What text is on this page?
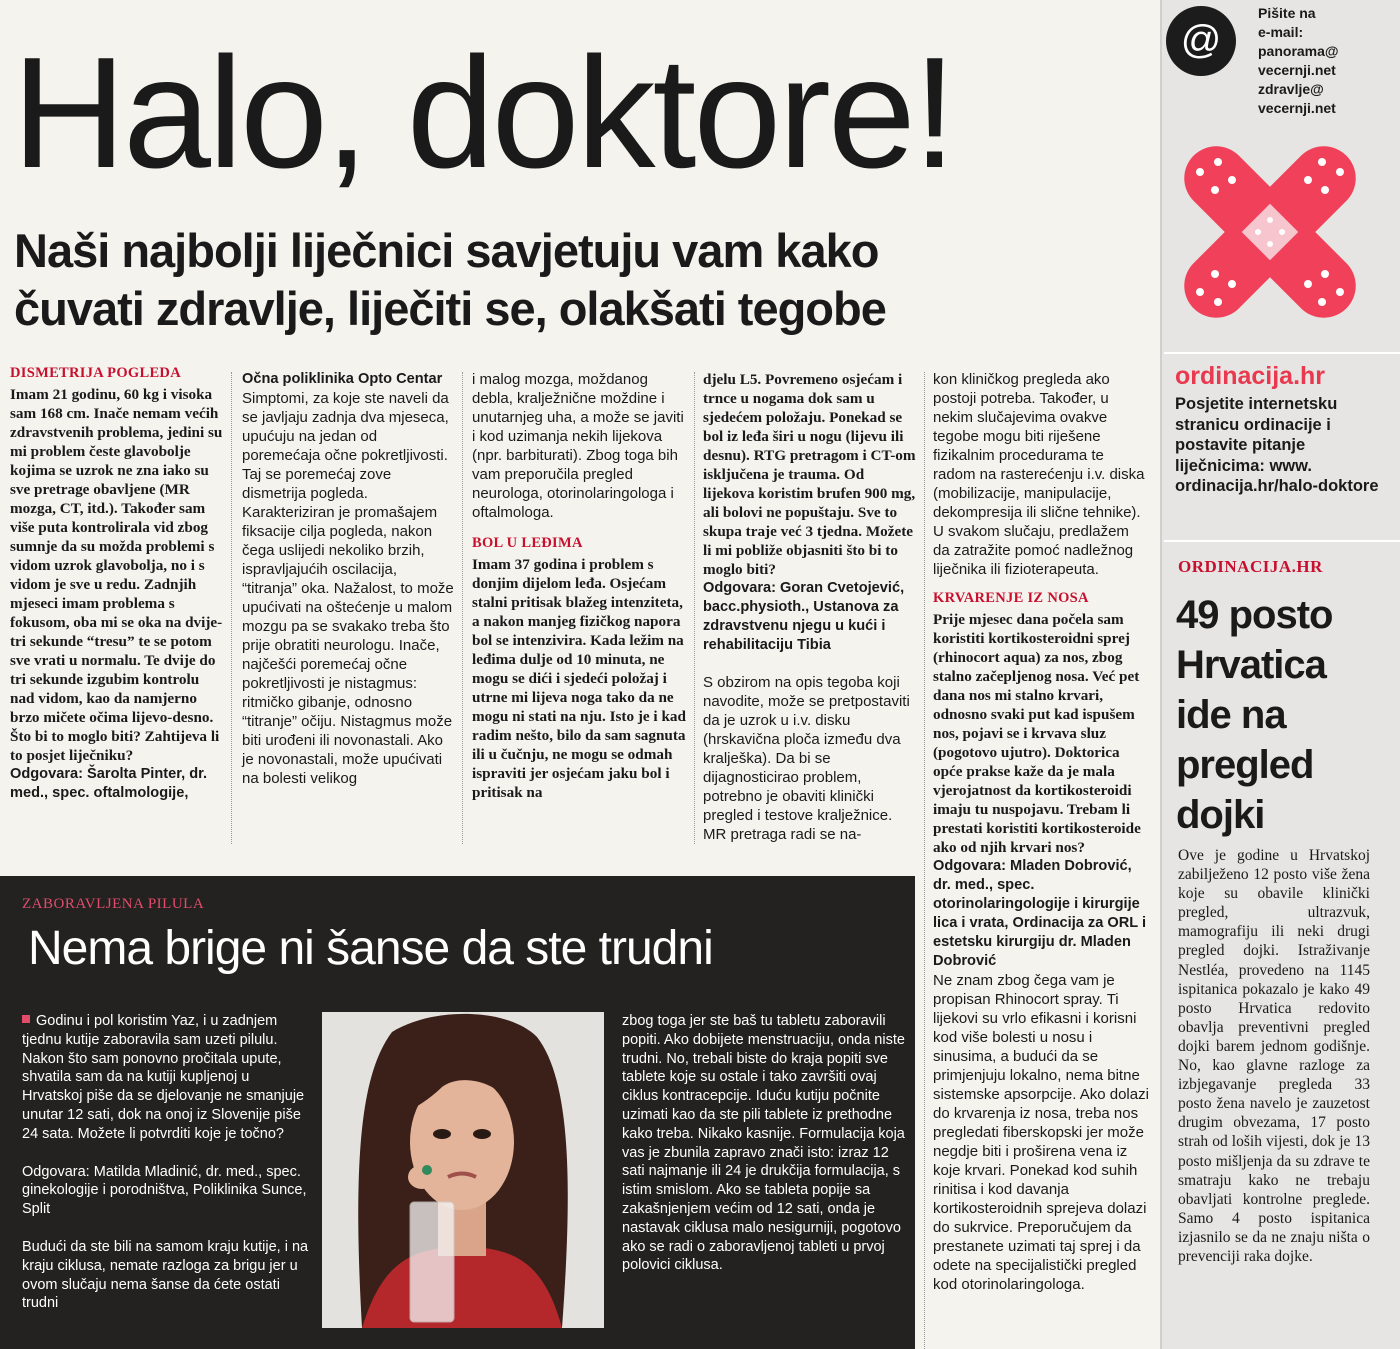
Halo, doktore!
Naši najbolji liječnici savjetuju vam kako
čuvati zdravlje, liječiti se, olakšati tegobe
DISMETRIJA POGLEDA
Imam 21 godinu, 60 kg i visoka sam 168 cm. Inače nemam većih zdravstvenih problema, jedini su mi problem česte glavobolje kojima se uzrok ne zna iako su sve pretrage obavljene (MR mozga, CT, itd.). Također sam više puta kontrolirala vid zbog sumnje da su možda problemi s vidom uzrok glavobolja, no i s vidom je sve u redu. Zadnjih mjeseci imam problema s fokusom, oba mi se oka na dvije-tri sekunde “tresu” te se potom sve vrati u normalu. Te dvije do tri sekunde izgubim kontrolu nad vidom, kao da namjerno brzo mičete očima lijevo-desno. Što bi to moglo biti? Zahtijeva li to posjet liječniku?
Odgovara: Šarolta Pinter, dr. med., spec. oftalmologije,
Očna poliklinika Opto Centar
Simptomi, za koje ste naveli da se javljaju zadnja dva mjeseca, upućuju na jedan od poremećaja očne pokretljivosti. Taj se poremećaj zove dismetrija pogleda. Karakteriziran je promašajem fiksacije cilja pogleda, nakon čega uslijedi nekoliko brzih, ispravljajućih oscilacija, “titranja” oka. Nažalost, to može upućivati na oštećenje u malom mozgu pa se svakako treba što prije obratiti neurologu. Inače, najčešći poremećaj očne pokretljivosti je nistagmus: ritmičko gibanje, odnosno “titranje” očiju. Nistagmus može biti urođeni ili novonastali. Ako je novonastali, može upućivati na bolesti velikog
i malog mozga, moždanog debla, kralježnične moždine i unutarnjeg uha, a može se javiti i kod uzimanja nekih lijekova (npr. barbiturati). Zbog toga bih vam preporučila pregled neurologa, otorinolaringologa i oftalmologa.
BOL U LEĐIMA
Imam 37 godina i problem s donjim dijelom leđa. Osjećam stalni pritisak blažeg intenziteta, a nakon manjeg fizičkog napora bol se intenzivira. Kada ležim na leđima dulje od 10 minuta, ne mogu se dići i sjedeći položaj i utrne mi lijeva noga tako da ne mogu ni stati na nju. Isto je i kad radim nešto, bilo da sam sagnuta ili u čučnju, ne mogu se odmah ispraviti jer osjećam jaku bol i pritisak na
djelu L5. Povremeno osjećam i trnce u nogama dok sam u sjedećem položaju. Ponekad se bol iz leđa širi u nogu (lijevu ili desnu). RTG pretragom i CT-om isključena je trauma. Od lijekova koristim brufen 900 mg, ali bolovi ne popuštaju. Sve to skupa traje već 3 tjedna. Možete li mi pobliže objasniti što bi to moglo biti?
Odgovara: Goran Cvetojević, bacc.physioth., Ustanova za zdravstvenu njegu u kući i rehabilitaciju Tibia
S obzirom na opis tegoba koji navodite, može se pretpostaviti da je uzrok u i.v. disku (hrskavična ploča između dva kralješka). Da bi se dijagnosticirao problem, potrebno je obaviti klinički pregled i testove kralježnice. MR pretraga radi se na-
kon kliničkog pregleda ako postoji potreba. Također, u nekim slučajevima ovakve tegobe mogu biti riješene fizikalnim procedurama te radom na rasterećenju i.v. diska (mobilizacije, manipulacije, dekompresija ili slične tehnike). U svakom slučaju, predlažem da zatražite pomoć nadležnog liječnika ili fizioterapeuta.
KRVARENJE IZ NOSA
Prije mjesec dana počela sam koristiti kortikosteroidni sprej (rhinocort aqua) za nos, zbog stalno začepljenog nosa. Već pet dana nos mi stalno krvari, odnosno svaki put kad ispušem nos, pojavi se i krvava sluz (pogotovo ujutro). Doktorica opće prakse kaže da je mala vjerojatnost da kortikosteroidi imaju tu nuspojavu. Trebam li prestati koristiti kortikosteroide ako od njih krvari nos?
Odgovara: Mladen Dobrović, dr. med., spec. otorinolaringologije i kirurgije lica i vrata, Ordinacija za ORL i estetsku kirurgiju dr. Mladen Dobrović
Ne znam zbog čega vam je propisan Rhinocort spray. Ti lijekovi su vrlo efikasni i korisni kod više bolesti u nosu i sinusima, a budući da se primjenjuju lokalno, nema bitne sistemske apsorpcije. Ako dolazi do krvarenja iz nosa, treba nos pregledati fiberskopski jer može negdje biti i proširena vena iz koje krvari. Ponekad kod suhih rinitisa i kod davanja kortikosteroidnih sprejeva dolazi do sukrvice. Preporučujem da prestanete uzimati taj sprej i da odete na specijalistički pregled kod otorinolaringologa.
ZABORAVLJENA PILULA
Nema brige ni šanse da ste trudni
Godinu i pol koristim Yaz, i u zadnjem tjednu kutije zaboravila sam uzeti pilulu. Nakon što sam ponovno pročitala upute, shvatila sam da na kutiji kupljenoj u Hrvatskoj piše da se djelovanje ne smanjuje unutar 12 sati, dok na onoj iz Slovenije piše 24 sata. Možete li potvrditi koje je točno?
Odgovara: Matilda Mladinić, dr. med., spec. ginekologije i porodništva, Poliklinika Sunce, Split
Budući da ste bili na samom kraju kutije, i na kraju ciklusa, nemate razloga za brigu jer u ovom slučaju nema šanse da ćete ostati trudni
zbog toga jer ste baš tu tabletu zaboravili popiti. Ako dobijete menstruaciju, onda niste trudni. No, trebali biste do kraja popiti sve tablete koje su ostale i tako završiti ovaj ciklus kontracepcije. Iduću kutiju počnite uzimati kao da ste pili tablete iz prethodne kako treba. Nikako kasnije. Formulacija koja vas je zbunila zapravo znači isto: izraz 12 sati najmanje ili 24 je drukčija formulacija, s istim smislom. Ako se tableta popije sa zakašnjenjem većim od 12 sati, onda je nastavak ciklusa malo nesigurniji, pogotovo ako se radi o zaboravljenoj tableti u prvoj polovici ciklusa.
@
Pišite na
e-mail:
panorama@
vecernji.net
zdravlje@
vecernji.net
ordinacija.hr
Posjetite internetsku stranicu ordinacije i postavite pitanje liječnicima: www. ordinacija.hr/halo-doktore
ORDINACIJA.HR
49 posto
Hrvatica
ide na
pregled
dojki
Ove je godine u Hrvatskoj zabilježeno 12 posto više žena koje su obavile klinički pregled, ultrazvuk, mamografiju ili neki drugi pregled dojki. Istraživanje Nestléa, provedeno na 1145 ispitanica pokazalo je kako 49 posto Hrvatica redovito obavlja preventivni pregled dojki barem jednom godišnje. No, kao glavne razloge za izbjegavanje pregleda 33 posto žena navelo je zauzetost drugim obvezama, 17 posto strah od loših vijesti, dok je 13 posto mišljenja da su zdrave te smatraju kako ne trebaju obavljati kontrolne preglede. Samo 4 posto ispitanica izjasnilo se da ne znaju ništa o prevenciji raka dojke.
